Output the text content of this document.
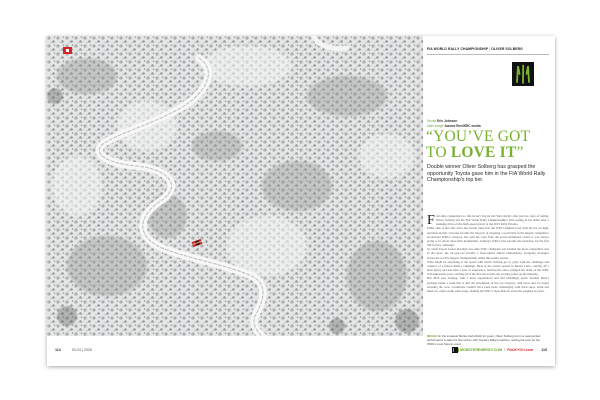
FIA WORLD RALLY CHAMPIONSHIP | OLIVER SOLBERG
Words Eric Johnson
Main image Jaanus Ree/WRC media
“YOU’VE GOT
TO LOVE IT”
Double winner Oliver Solberg has grasped the opportunity Toyota gave him in the FIA World Rally Championship's top tier.

First-time competing in a full-factory Toyota GR Yaris Rally1 after just two days of testing, Oliver Solberg left the FIA World Rally Championship's elite reeling in his debut after a stunning drive on the high-speed gravel of the 2025 Rally Estonia.

Either side of that July drive the Swede came into the WRC's highest level with the bar set high, and three Rally1 victories became the 'big job' of targeting a world title in the hugely competitive second-tier WRC2 category, but with his wins from the seven-nominated events it was always going to be about more than momentum. Solberg's WRC2 title became the backdrop for his first full-factory campaign.

So when Toyota Gazoo Racing's two-time WRC champion was handed the most competitive seat in the sport, the 24-year-old became a front-runner almost immediately, swapping strategies before the world's biggest championship ended this team's season.

What might be surprising is the speed with which Solberg got to grips with the challenge and cadence of a full-on Rally1 campaign. Back at the season opener in Monte Carlo, coming off a knee injury and less than a year of experience, Solberg has since stamped his mark on the WRC with impressive pace, starting all of the first ten events and scoring points on the majority.

But 2026 sees Solberg, with a more experienced and still blindingly quick 'normal' Rally1 package inside a team that is still the benchmark of the top category, with snow and ice stages awaiting the crew. Conditions couldn't have been more challenging with thick snow, slush and sheet ice, often on the same stage, making the WRC's most historic event the toughest in years.

IMAGE On the snowiest Monte Carlo Rally for years, Oliver Solberg put in a near-perfect performance to take his first victory with Toyota's Rally1 machine, setting the tone for the WRC's most historic event.
114	03-04 | 2026	MONSTERENERGY.COM / PACKYOU.com 115
